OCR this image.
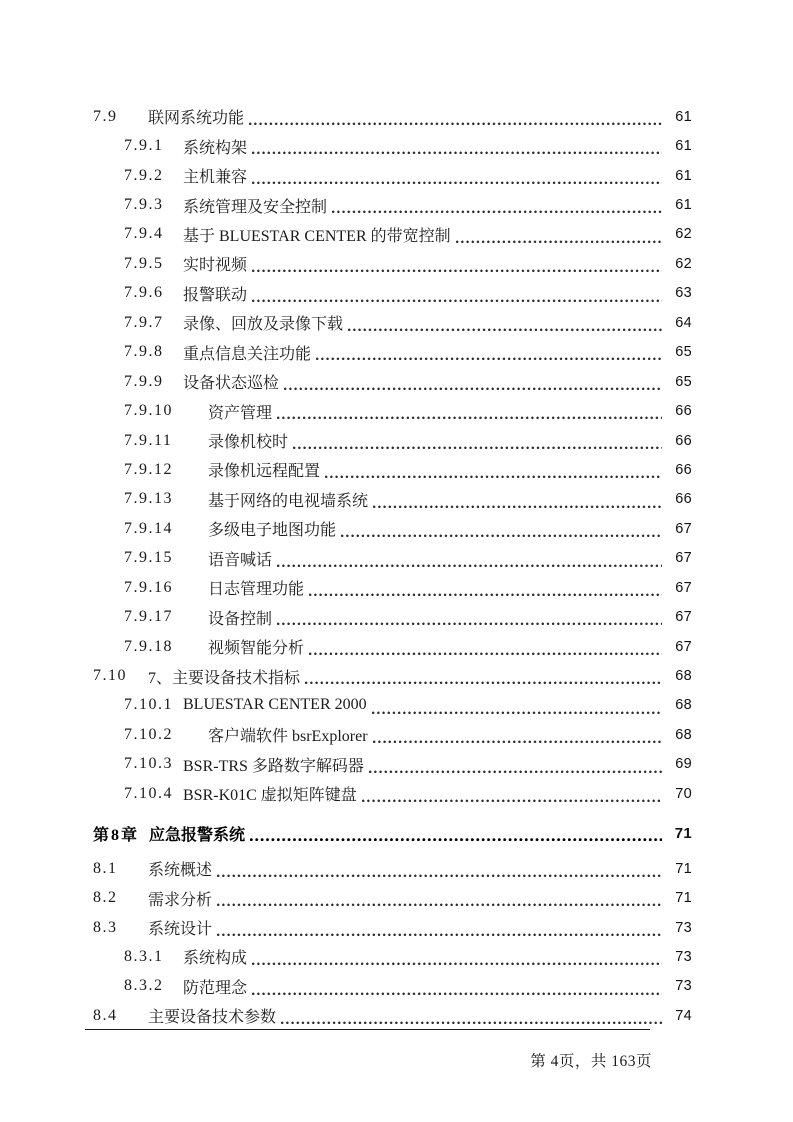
7.9	联网系统功能	61
7.9.1	系统构架	61
7.9.2	主机兼容	61
7.9.3	系统管理及安全控制	61
7.9.4	基于 BLUESTAR CENTER 的带宽控制	62
7.9.5	实时视频	62
7.9.6	报警联动	63
7.9.7	录像、回放及录像下载	64
7.9.8	重点信息关注功能	65
7.9.9	设备状态巡检	65
7.9.10	资产管理	66
7.9.11	录像机校时	66
7.9.12	录像机远程配置	66
7.9.13	基于网络的电视墙系统	66
7.9.14	多级电子地图功能	67
7.9.15	语音喊话	67
7.9.16	日志管理功能	67
7.9.17	设备控制	67
7.9.18	视频智能分析	67
7.10	7、主要设备技术指标	68
7.10.1 BLUESTAR CENTER 2000	68
7.10.2	客户端软件 bsrExplorer	68
7.10.3 BSR-TRS 多路数字解码器	69
7.10.4 BSR-K01C 虚拟矩阵键盘	70
第8章 应急报警系统	71
8.1	系统概述	71
8.2	需求分析	71
8.3	系统设计	73
8.3.1	系统构成	73
8.3.2	防范理念	73
8.4	主要设备技术参数	74
第 4页，共 163页
